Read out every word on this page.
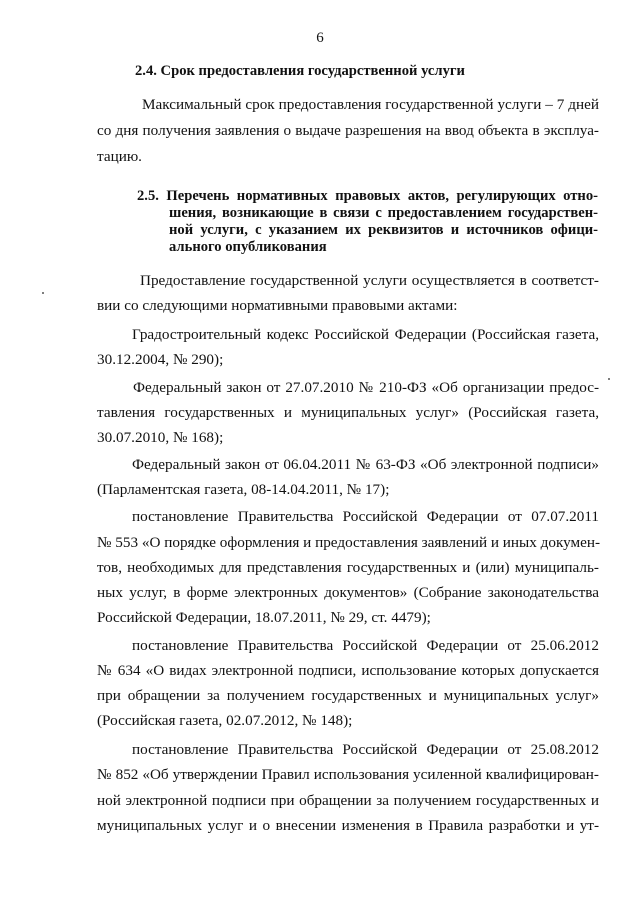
6
2.4. Срок предоставления государственной услуги
Максимальный срок предоставления государственной услуги – 7 дней
со дня получения заявления о выдаче разрешения на ввод объекта в эксплуа-
тацию.
2.5. Перечень нормативных правовых актов, регулирующих отно-
шения, возникающие в связи с предоставлением государствен-
ной услуги, с указанием их реквизитов и источников офици-
ального опубликования
Предоставление государственной услуги осуществляется в соответст-
вии со следующими нормативными правовыми актами:
Градостроительный кодекс Российской Федерации (Российская газета,
30.12.2004, № 290);
Федеральный закон от 27.07.2010 № 210-ФЗ «Об организации предос-
тавления государственных и муниципальных услуг» (Российская газета,
30.07.2010, № 168);
Федеральный закон от 06.04.2011 № 63-ФЗ «Об электронной подписи»
(Парламентская газета, 08-14.04.2011, № 17);
постановление Правительства Российской Федерации от 07.07.2011
№ 553 «О порядке оформления и предоставления заявлений и иных докумен-
тов, необходимых для представления государственных и (или) муниципаль-
ных услуг, в форме электронных документов» (Собрание законодательства
Российской Федерации, 18.07.2011, № 29, ст. 4479);
постановление Правительства Российской Федерации от 25.06.2012
№ 634 «О видах электронной подписи, использование которых допускается
при обращении за получением государственных и муниципальных услуг»
(Российская газета, 02.07.2012, № 148);
постановление Правительства Российской Федерации от 25.08.2012
№ 852 «Об утверждении Правил использования усиленной квалифицирован-
ной электронной подписи при обращении за получением государственных и
муниципальных услуг и о внесении изменения в Правила разработки и ут-
